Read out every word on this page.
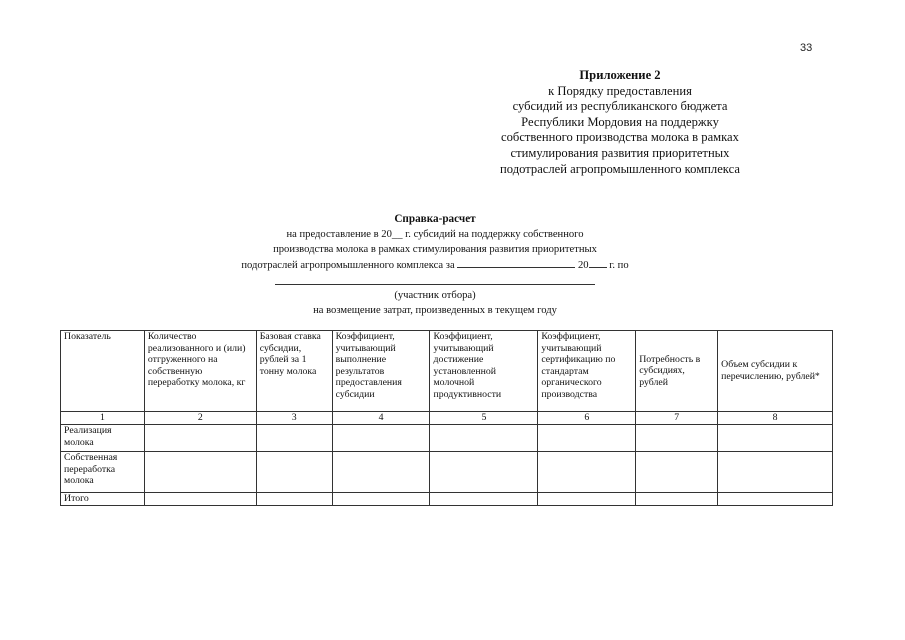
33
Приложение 2
к Порядку предоставления
субсидий из республиканского бюджета
Республики Мордовия на поддержку
собственного производства молока в рамках
стимулирования развития приоритетных
подотраслей агропромышленного комплекса
Справка-расчет
на предоставление в 20__ г. субсидий на поддержку собственного
производства молока в рамках стимулирования развития приоритетных
подотраслей агропромышленного комплекса за	20 г. по
(участник отбора)
на возмещение затрат, произведенных в текущем году
Показатель	Количество реализованного и (или) отгруженного на собственную переработку молока, кг	Базовая ставка субсидии, рублей за 1 тонну молока	Коэффициент, учитывающий выполнение результатов предоставления субсидии	Коэффициент, учитывающий достижение установленной молочной продуктивности	Коэффициент, учитывающий сертификацию по стандартам органического производства	Потребность в субсидиях, рублей	Объем субсидии к перечислению, рублей*
1	2	3	4	5	6	7	8
Реализация молока							
Собственная переработка молока							
Итого							
